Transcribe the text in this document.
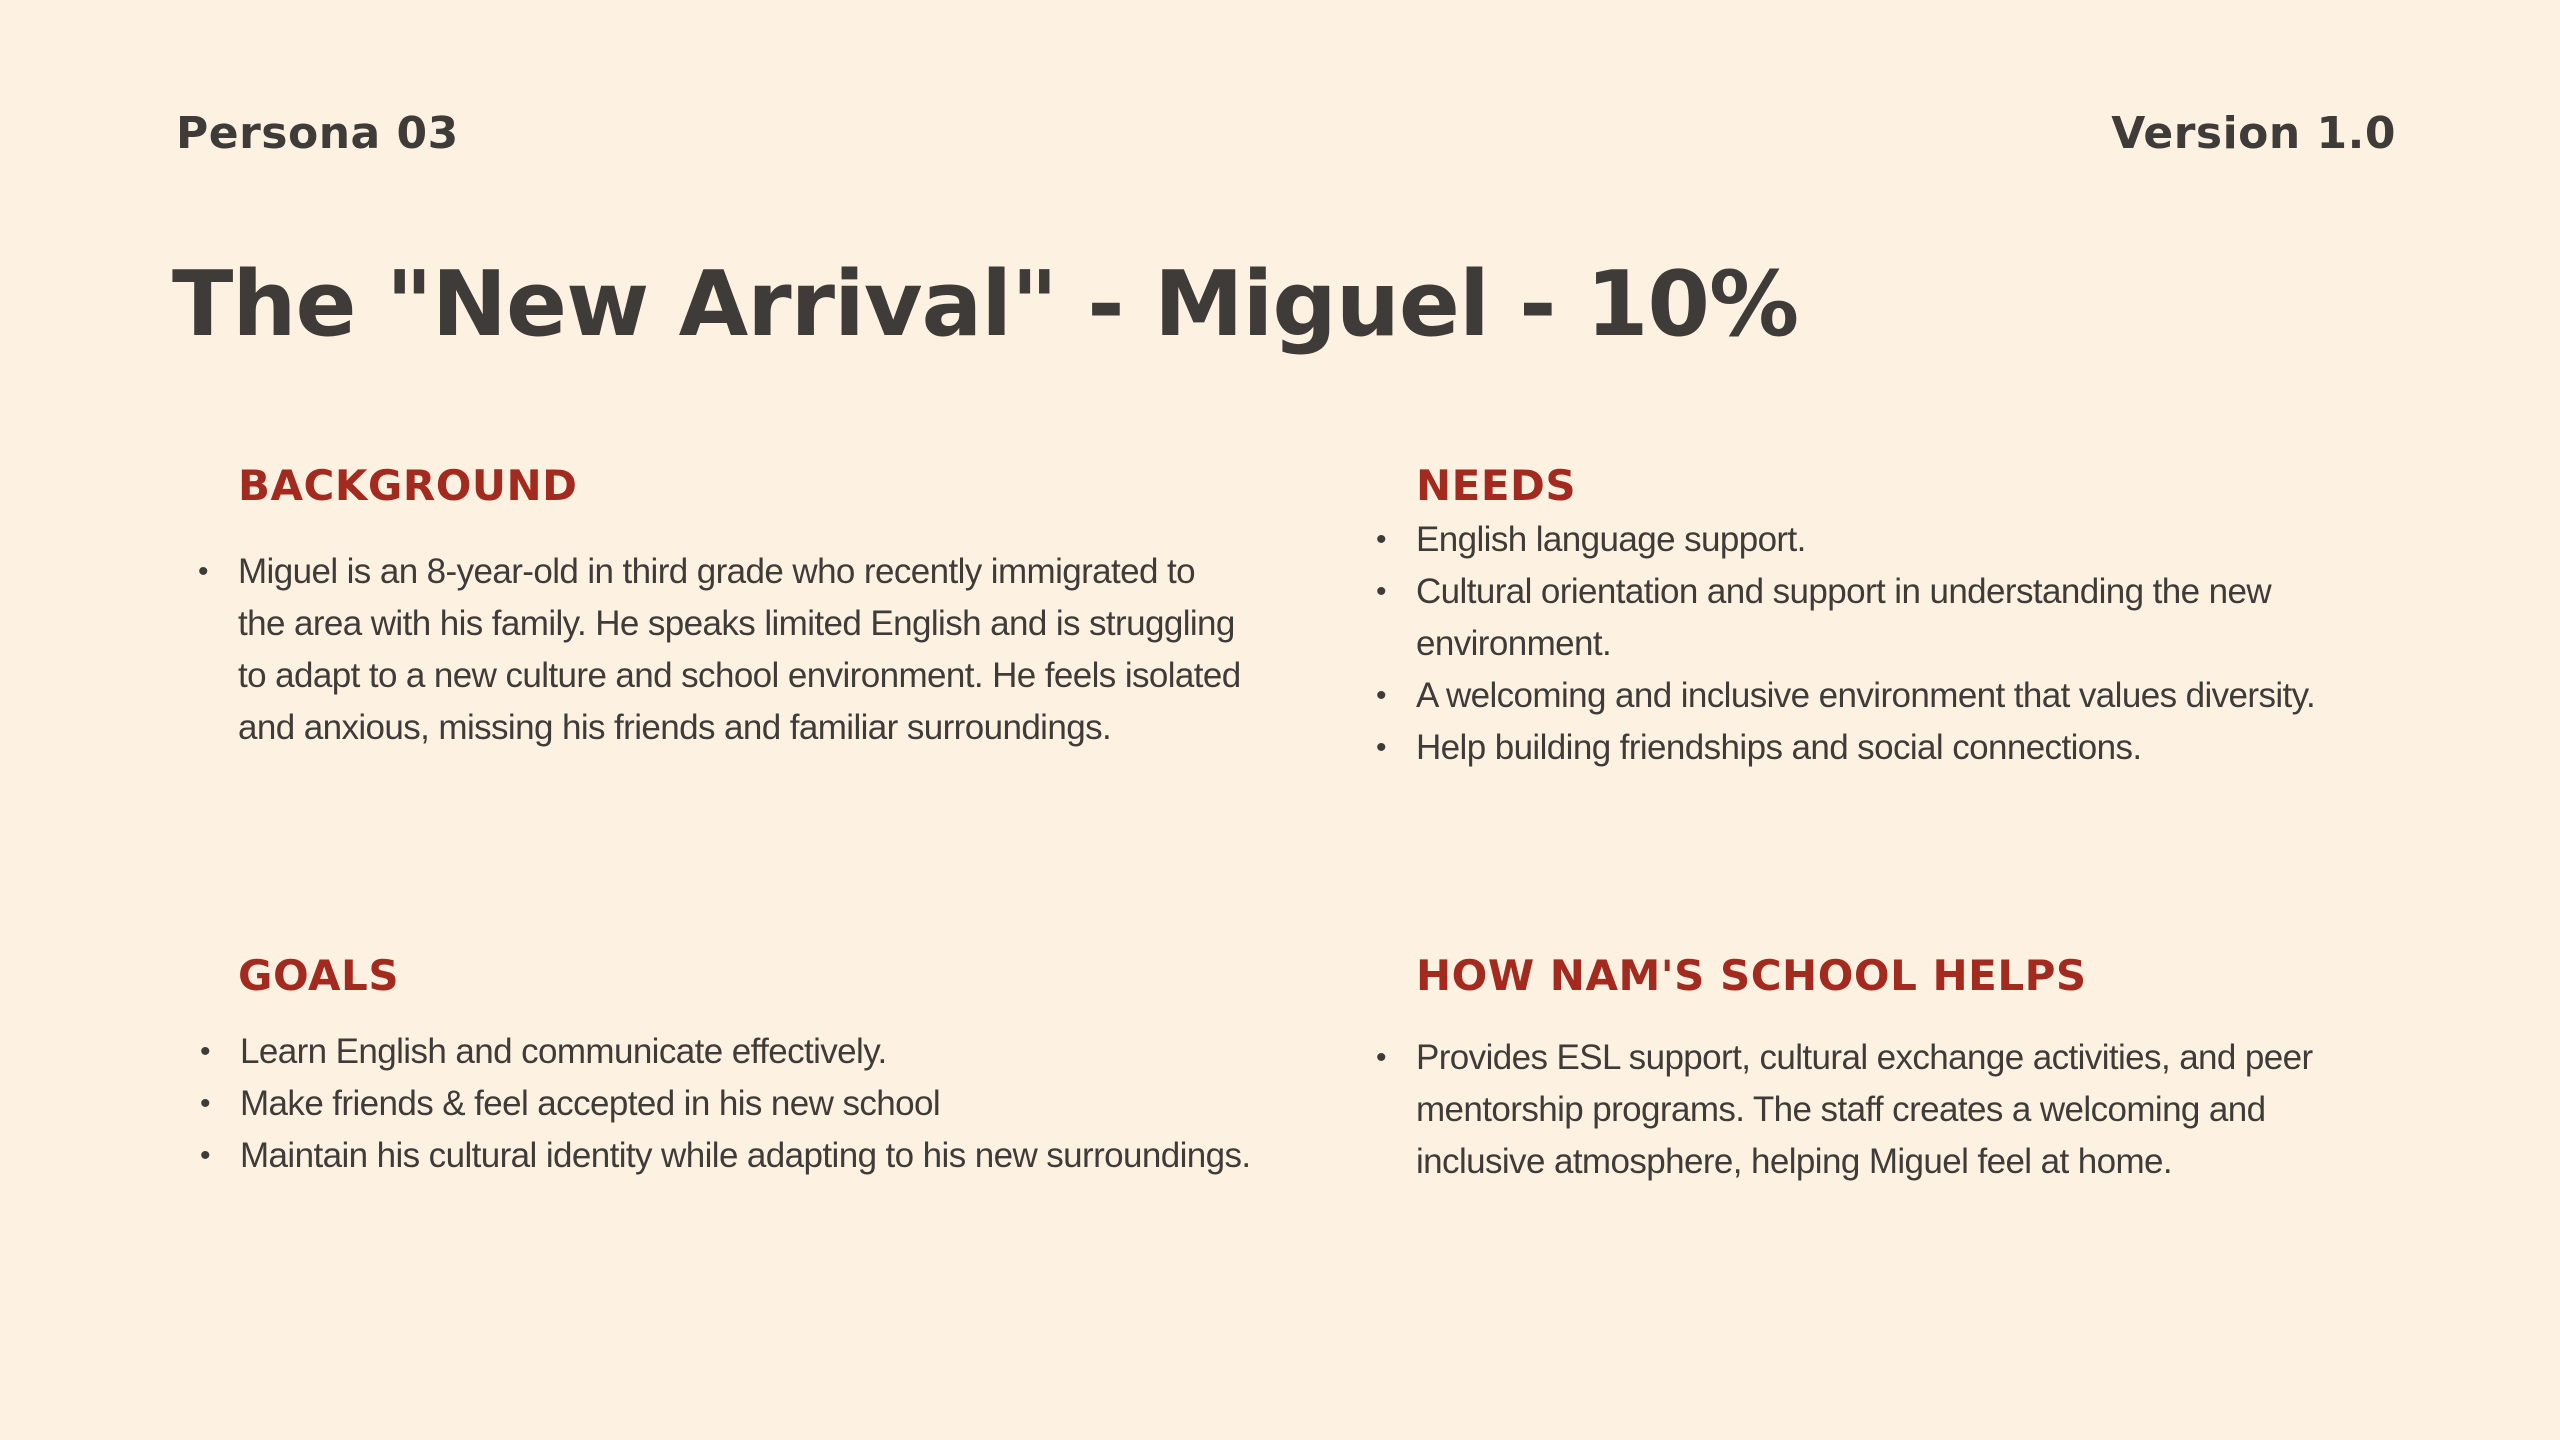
Persona 03	Version 1.0
The "New Arrival" - Miguel - 10%
BACKGROUND
• Miguel is an 8-year-old in third grade who recently immigrated to the area with his family. He speaks limited English and is struggling to adapt to a new culture and school environment. He feels isolated and anxious, missing his friends and familiar surroundings.
NEEDS
• English language support.
• Cultural orientation and support in understanding the new environment.
• A welcoming and inclusive environment that values diversity.
• Help building friendships and social connections.
GOALS
• Learn English and communicate effectively.
• Make friends & feel accepted in his new school
• Maintain his cultural identity while adapting to his new surroundings.
HOW NAM'S SCHOOL HELPS
• Provides ESL support, cultural exchange activities, and peer mentorship programs. The staff creates a welcoming and inclusive atmosphere, helping Miguel feel at home.
